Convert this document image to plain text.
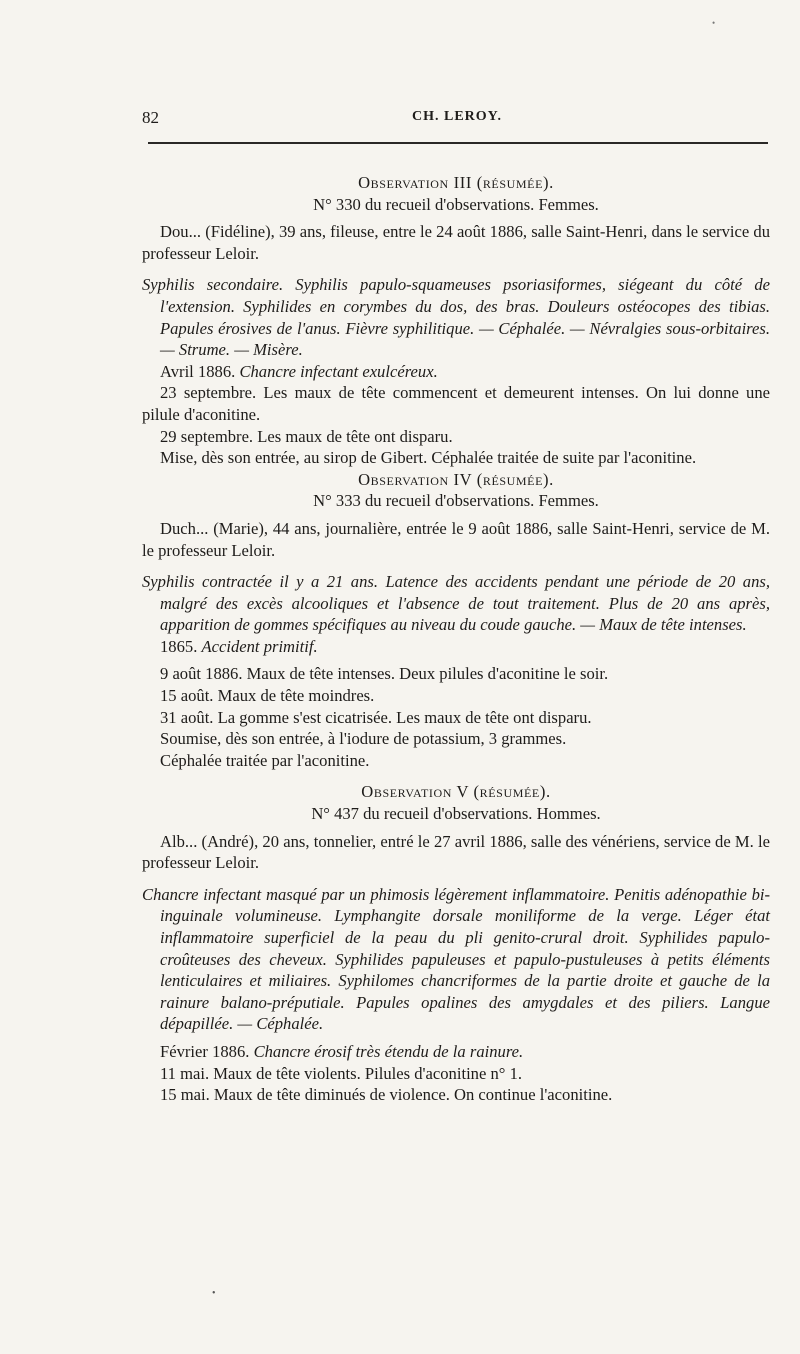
•
82	CH. LEROY.

Observation III (résumée).

N° 330 du recueil d'observations. Femmes.

Dou... (Fidéline), 39 ans, fileuse, entre le 24 août 1886, salle Saint-Henri, dans le service du professeur Leloir.

Syphilis secondaire. Syphilis papulo-squameuses psoriasiformes, siégeant du côté de l'extension. Syphilides en corymbes du dos, des bras. Douleurs ostéocopes des tibias. Papules érosives de l'anus. Fièvre syphilitique. — Céphalée. — Névralgies sous-orbitaires. — Strume. — Misère.

Avril 1886. Chancre infectant exulcéreux.

23 septembre. Les maux de tête commencent et demeurent intenses. On lui donne une pilule d'aconitine.

29 septembre. Les maux de tête ont disparu.

Mise, dès son entrée, au sirop de Gibert. Céphalée traitée de suite par l'aconitine.

Observation IV (résumée).

N° 333 du recueil d'observations. Femmes.

Duch... (Marie), 44 ans, journalière, entrée le 9 août 1886, salle Saint-Henri, service de M. le professeur Leloir.

Syphilis contractée il y a 21 ans. Latence des accidents pendant une période de 20 ans, malgré des excès alcooliques et l'absence de tout traitement. Plus de 20 ans après, apparition de gommes spécifiques au niveau du coude gauche. — Maux de tête intenses.

1865. Accident primitif.

9 août 1886. Maux de tête intenses. Deux pilules d'aconitine le soir.

15 août. Maux de tête moindres.

31 août. La gomme s'est cicatrisée. Les maux de tête ont disparu.

Soumise, dès son entrée, à l'iodure de potassium, 3 grammes.

Céphalée traitée par l'aconitine.

Observation V (résumée).

N° 437 du recueil d'observations. Hommes.

Alb... (André), 20 ans, tonnelier, entré le 27 avril 1886, salle des vénériens, service de M. le professeur Leloir.

Chancre infectant masqué par un phimosis légèrement inflammatoire. Penitis adénopathie bi-inguinale volumineuse. Lymphangite dorsale moniliforme de la verge. Léger état inflammatoire superficiel de la peau du pli genito-crural droit. Syphilides papulo-croûteuses des cheveux. Syphilides papuleuses et papulo-pustuleuses à petits éléments lenticulaires et miliaires. Syphilomes chancriformes de la partie droite et gauche de la rainure balano-préputiale. Papules opalines des amygdales et des piliers. Langue dépapillée. — Céphalée.

Février 1886. Chancre érosif très étendu de la rainure.

11 mai. Maux de tête violents. Pilules d'aconitine n° 1.

15 mai. Maux de tête diminués de violence. On continue l'aconitine.

•
